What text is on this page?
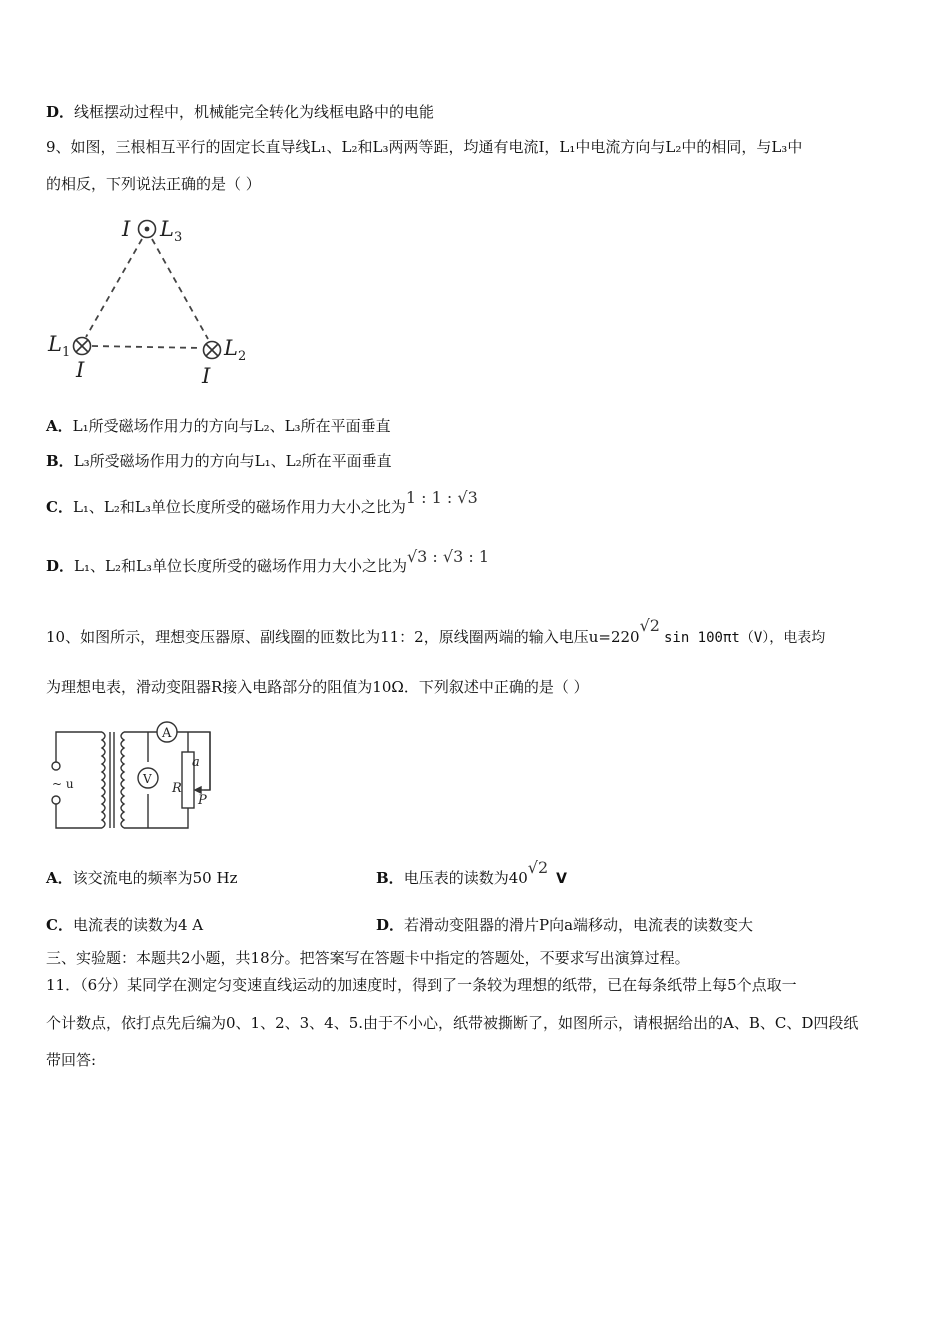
D．线框摆动过程中，机械能完全转化为线框电路中的电能
9、如图，三根相互平行的固定长直导线L₁、L₂和L₃两两等距，均通有电流I，L₁中电流方向与L₂中的相同，与L₃中
的相反，下列说法正确的是（ ）
I L 3
L 1
I
L 2
I
A．L₁所受磁场作用力的方向与L₂、L₃所在平面垂直
B．L₃所受磁场作用力的方向与L₁、L₂所在平面垂直
C．L₁、L₂和L₃单位长度所受的磁场作用力大小之比为1 : 1 : √3
D．L₁、L₂和L₃单位长度所受的磁场作用力大小之比为√3 : √3 : 1
10、如图所示，理想变压器原、副线圈的匝数比为11：2，原线圈两端的输入电压u=220√2sin 100πt（V），电表均
为理想电表，滑动变阻器R接入电路部分的阻值为10Ω．下列叙述中正确的是（ ）
A
V
~ u	R
a
P
A．该交流电的频率为50 Hz	B．电压表的读数为40√2V
C．电流表的读数为4 A	D．若滑动变阻器的滑片P向a端移动，电流表的读数变大
三、实验题：本题共2小题，共18分。把答案写在答题卡中指定的答题处，不要求写出演算过程。
11．（6分）某同学在测定匀变速直线运动的加速度时，得到了一条较为理想的纸带，已在每条纸带上每5个点取一
个计数点，依打点先后编为0、1、2、3、4、5.由于不小心，纸带被撕断了，如图所示，请根据给出的A、B、C、D四段纸
带回答:
